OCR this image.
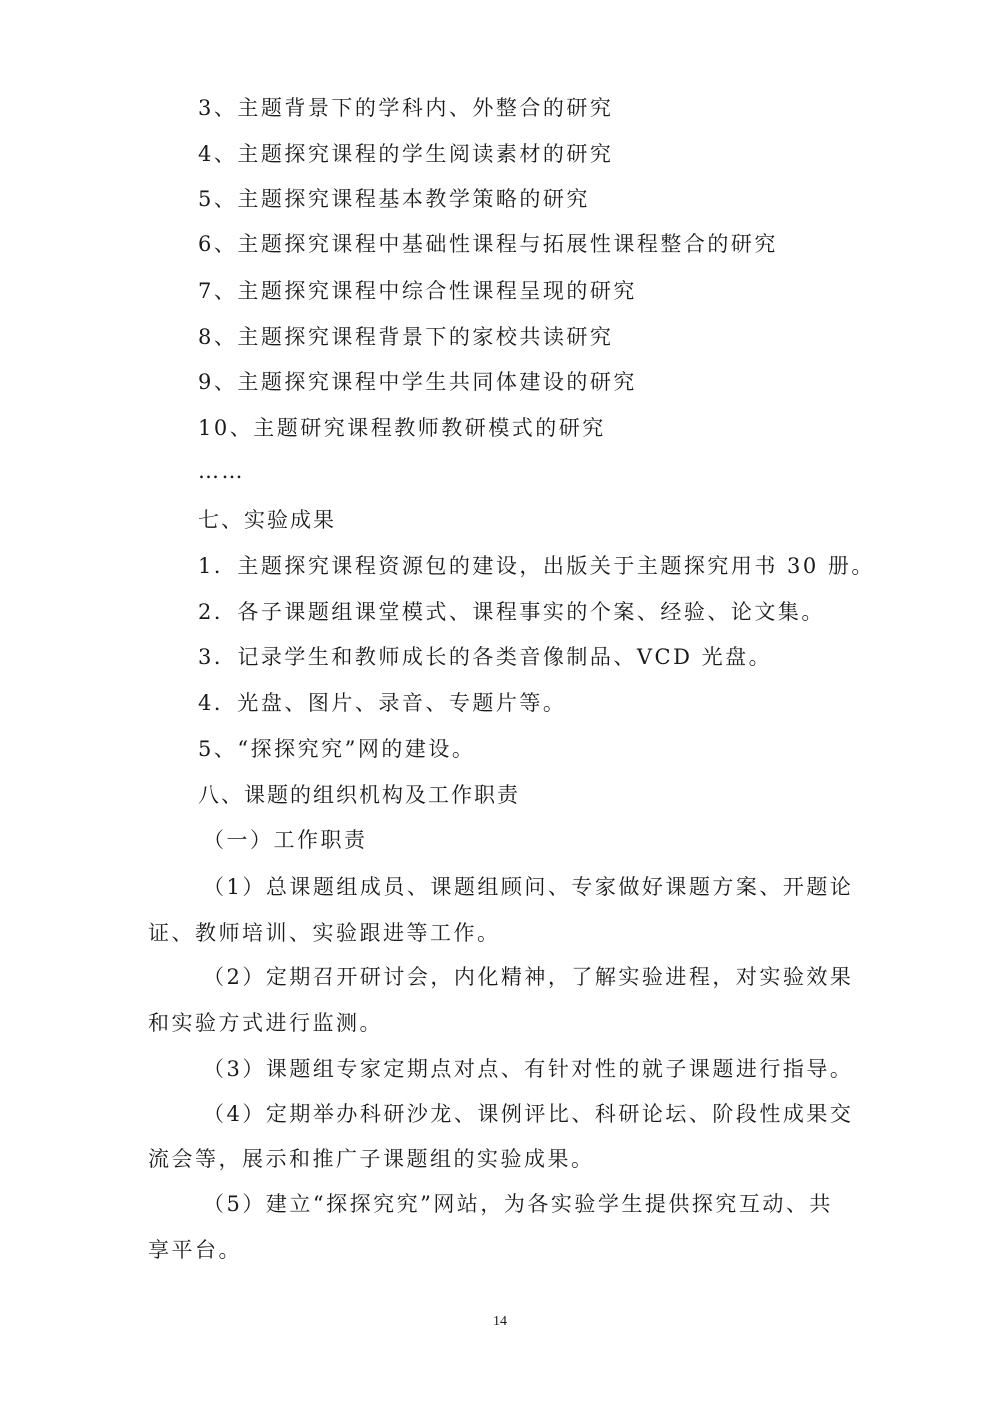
3、主题背景下的学科内、外整合的研究
4、主题探究课程的学生阅读素材的研究
5、主题探究课程基本教学策略的研究
6、主题探究课程中基础性课程与拓展性课程整合的研究
7、主题探究课程中综合性课程呈现的研究
8、主题探究课程背景下的家校共读研究
9、主题探究课程中学生共同体建设的研究
10、主题研究课程教师教研模式的研究
……
七、实验成果
1．主题探究课程资源包的建设，出版关于主题探究用书 30 册。
2．各子课题组课堂模式、课程事实的个案、经验、论文集。
3．记录学生和教师成长的各类音像制品、VCD 光盘。
4．光盘、图片、录音、专题片等。
5、“探探究究”网的建设。
八、课题的组织机构及工作职责
（一）工作职责
（1）总课题组成员、课题组顾问、专家做好课题方案、开题论
证、教师培训、实验跟进等工作。
（2）定期召开研讨会，内化精神，了解实验进程，对实验效果
和实验方式进行监测。
（3）课题组专家定期点对点、有针对性的就子课题进行指导。
（4）定期举办科研沙龙、课例评比、科研论坛、阶段性成果交
流会等，展示和推广子课题组的实验成果。
（5）建立“探探究究”网站，为各实验学生提供探究互动、共
享平台。
14
